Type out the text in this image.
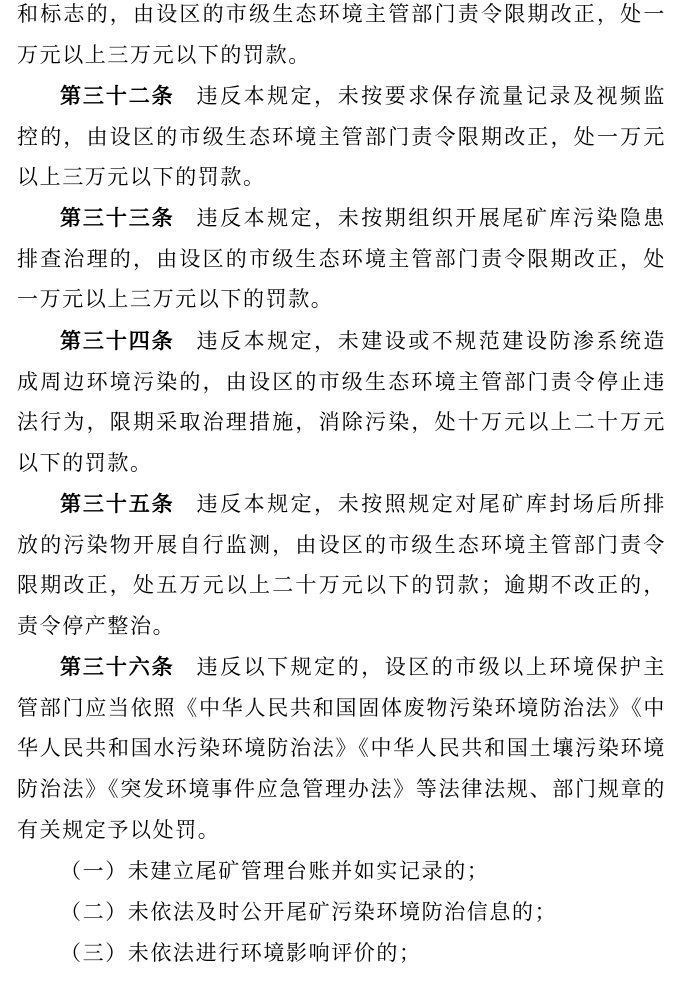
和标志的，由设区的市级生态环境主管部门责令限期改正，处一万元以上三万元以下的罚款。

第三十二条 违反本规定，未按要求保存流量记录及视频监控的，由设区的市级生态环境主管部门责令限期改正，处一万元以上三万元以下的罚款。

第三十三条 违反本规定，未按期组织开展尾矿库污染隐患排查治理的，由设区的市级生态环境主管部门责令限期改正，处一万元以上三万元以下的罚款。

第三十四条 违反本规定，未建设或不规范建设防渗系统造成周边环境污染的，由设区的市级生态环境主管部门责令停止违法行为，限期采取治理措施，消除污染，处十万元以上二十万元以下的罚款。

第三十五条 违反本规定，未按照规定对尾矿库封场后所排放的污染物开展自行监测，由设区的市级生态环境主管部门责令限期改正，处五万元以上二十万元以下的罚款；逾期不改正的，责令停产整治。

第三十六条 违反以下规定的，设区的市级以上环境保护主管部门应当依照《中华人民共和国固体废物污染环境防治法》《中华人民共和国水污染环境防治法》《中华人民共和国土壤污染环境防治法》《突发环境事件应急管理办法》等法律法规、部门规章的有关规定予以处罚。

（一）未建立尾矿管理台账并如实记录的；

（二）未依法及时公开尾矿污染环境防治信息的；

（三）未依法进行环境影响评价的；
